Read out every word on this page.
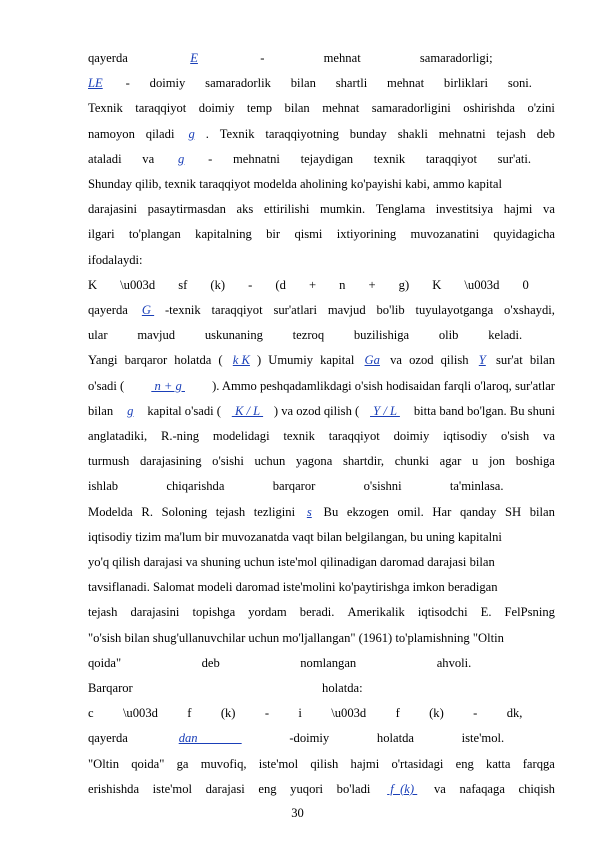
30
qayerda	E	-	mehnat	samaradorligi;

LE - doimiy samaradorlik bilan shartli mehnat birliklari soni.

Texnik taraqqiyot doimiy temp bilan mehnat samaradorligini oshirishda o'zini
namoyon qiladi g . Texnik taraqqiyotning bunday shakli mehnatni tejash deb
ataladi va g - mehnatni tejaydigan texnik taraqqiyot sur'ati.

Shunday qilib, texnik taraqqiyot modelda aholining ko'payishi kabi, ammo kapital
darajasini pasaytirmasdan aks ettirilishi mumkin. Tenglama investitsiya hajmi va
ilgari to'plangan kapitalning bir qismi ixtiyorining muvozanatini quyidagicha
ifodalaydi:
K \u003d sf (k) - (d + n + g) K \u003d 0

qayerda G -texnik taraqqiyot sur'atlari mavjud bo'lib tuyulayotganga o'xshaydi,
ular mavjud uskunaning tezroq buzilishiga olib keladi.

Yangi barqaror holatda ( k K ) Umumiy kapital Ga va ozod qilish Y sur'at bilan
o'sadi ( n + g ). Ammo peshqadamlikdagi o'sish hodisaidan farqli o'laroq, sur'atlar
bilan g kapital o'sadi ( K / L ) va ozod qilish ( Y / L bitta band bo'lgan. Bu shuni
anglatadiki, R.-ning modelidagi texnik taraqqiyot doimiy iqtisodiy o'sish va
turmush darajasining o'sishi uchun yagona shartdir, chunki agar u jon boshiga
ishlab	chiqarishda	barqaror	o'sishni	ta'minlasa.

Modelda R. Soloning tejash tezligini s Bu ekzogen omil. Har qanday SH bilan
iqtisodiy tizim ma'lum bir muvozanatda vaqt bilan belgilangan, bu uning kapitalni
yo'q qilish darajasi va shuning uchun iste'mol qilinadigan daromad darajasi bilan
tavsiflanadi. Salomat modeli daromad iste'molini ko'paytirishga imkon beradigan
tejash darajasini topishga yordam beradi. Amerikalik iqtisodchi E. FelPsning
"o'sish bilan shug'ullanuvchilar uchun mo'ljallangan" (1961) to'plamishning "Oltin
qoida"	deb	nomlangan	ahvoli.

Barqaror	holatda:

c \u003d f (k) - i \u003d f (k) - dk,

qayerda	dan	-doimiy	holatda	iste'mol.

"Oltin qoida" ga muvofiq, iste'mol qilish hajmi o'rtasidagi eng katta farqga
erishishda iste'mol darajasi eng yuqori bo'ladi f  (k) va nafaqaga chiqish
